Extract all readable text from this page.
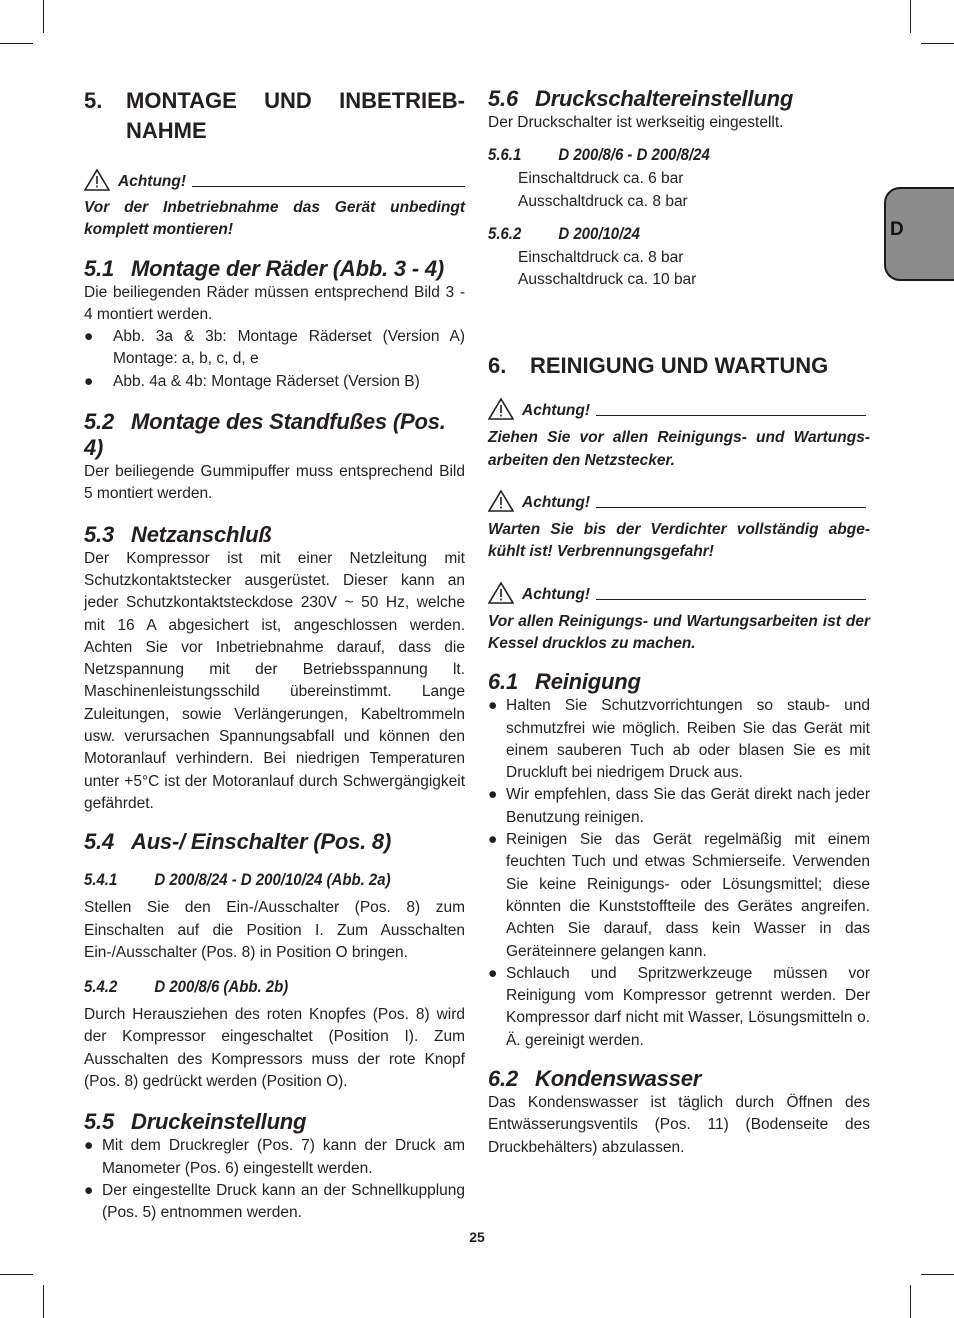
5.	MONTAGE UND INBETRIEB-NAHME
Achtung!

Vor der Inbetriebnahme das Gerät unbedingt komplett montieren!

5.1 Montage der Räder (Abb. 3 - 4)

Die beiliegenden Räder müssen entsprechend Bild 3 - 4 montiert werden.

● Abb. 3a & 3b: Montage Räderset (Version A) Montage: a, b, c, d, e
● Abb. 4a & 4b: Montage Räderset (Version B)
5.2 Montage des Standfußes (Pos. 4)

Der beiliegende Gummipuffer muss entsprechend Bild 5 montiert werden.

5.3 Netzanschluß

Der Kompressor ist mit einer Netzleitung mit Schutzkontaktstecker ausgerüstet. Dieser kann an jeder Schutzkontaktsteckdose 230V ~ 50 Hz, welche mit 16 A abgesichert ist, angeschlossen werden. Achten Sie vor Inbetriebnahme darauf, dass die Netzspannung mit der Betriebsspannung lt. Maschinenleistungsschild übereinstimmt. Lange Zuleitungen, sowie Verlängerungen, Kabeltrommeln usw. verursachen Spannungsabfall und können den Motoranlauf verhindern. Bei niedrigen Temperaturen unter +5°C ist der Motoranlauf durch Schwergängigkeit gefährdet.

5.4 Aus-/ Einschalter (Pos. 8)
5.4.1 D 200/8/24 - D 200/10/24 (Abb. 2a)

Stellen Sie den Ein-/Ausschalter (Pos. 8) zum Einschalten auf die Position I. Zum Ausschalten Ein-/Ausschalter (Pos. 8) in Position O bringen.

5.4.2 D 200/8/6 (Abb. 2b)

Durch Herausziehen des roten Knopfes (Pos. 8) wird der Kompressor eingeschaltet (Position I). Zum Ausschalten des Kompressors muss der rote Knopf (Pos. 8) gedrückt werden (Position O).

5.5 Druckeinstellung
● Mit dem Druckregler (Pos. 7) kann der Druck am Manometer (Pos. 6) eingestellt werden.
● Der eingestellte Druck kann an der Schnellkupplung (Pos. 5) entnommen werden.
5.6 Druckschaltereinstellung

Der Druckschalter ist werkseitig eingestellt.

5.6.1 D 200/8/6 - D 200/8/24

Einschaltdruck ca. 6 bar

Ausschaltdruck ca. 8 bar

5.6.2 D 200/10/24

Einschaltdruck ca. 8 bar

Ausschaltdruck ca. 10 bar

6. REINIGUNG UND WARTUNG
Achtung!

Ziehen Sie vor allen Reinigungs- und Wartungs-arbeiten den Netzstecker.

Achtung!

Warten Sie bis der Verdichter vollständig abge-kühlt ist! Verbrennungsgefahr!

Achtung!

Vor allen Reinigungs- und Wartungsarbeiten ist der Kessel drucklos zu machen.

6.1 Reinigung
● Halten Sie Schutzvorrichtungen so staub- und schmutzfrei wie möglich. Reiben Sie das Gerät mit einem sauberen Tuch ab oder blasen Sie es mit Druckluft bei niedrigem Druck aus.
● Wir empfehlen, dass Sie das Gerät direkt nach jeder Benutzung reinigen.
● Reinigen Sie das Gerät regelmäßig mit einem feuchten Tuch und etwas Schmierseife. Verwenden Sie keine Reinigungs- oder Lösungsmittel; diese könnten die Kunststoffteile des Gerätes angreifen. Achten Sie darauf, dass kein Wasser in das Geräteinnere gelangen kann.
● Schlauch und Spritzwerkzeuge müssen vor Reinigung vom Kompressor getrennt werden. Der Kompressor darf nicht mit Wasser, Lösungsmitteln o. Ä. gereinigt werden.
6.2 Kondenswasser

Das Kondenswasser ist täglich durch Öffnen des Entwässerungsventils (Pos. 11) (Bodenseite des Druckbehälters) abzulassen.

D
25
